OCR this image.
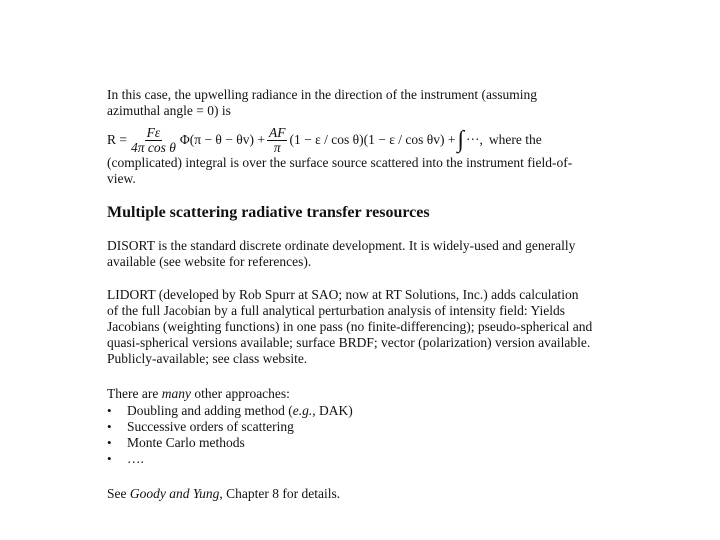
In this case, the upwelling radiance in the direction of the instrument (assuming
azimuthal angle = 0) is

$R = \frac{F\varepsilon}{\text{4π cos θ}} \Phi(\pi - \theta - \theta v) + \frac{AF}{\pi} (1 - \varepsilon / \cos \theta)(1 - \varepsilon / \cos \theta v)$ + ∫ ···, where the

(complicated) integral is over the surface source scattered into the instrument field-of-
view.

Multiple scattering radiative transfer resources

DISORT is the standard discrete ordinate development. It is widely-used and generally
available (see website for references).

LIDORT (developed by Rob Spurr at SAO; now at RT Solutions, Inc.) adds calculation
of the full Jacobian by a full analytical perturbation analysis of intensity field: Yields
Jacobians (weighting functions) in one pass (no finite-differencing); pseudo-spherical and
quasi-spherical versions available; surface BRDF; vector (polarization) version available.
Publicly-available; see class website.

There are many other approaches:

•	Doubling and adding method (e.g., DAK)
•	Successive orders of scattering
•	Monte Carlo methods
•	….

See Goody and Yung, Chapter 8 for details.
